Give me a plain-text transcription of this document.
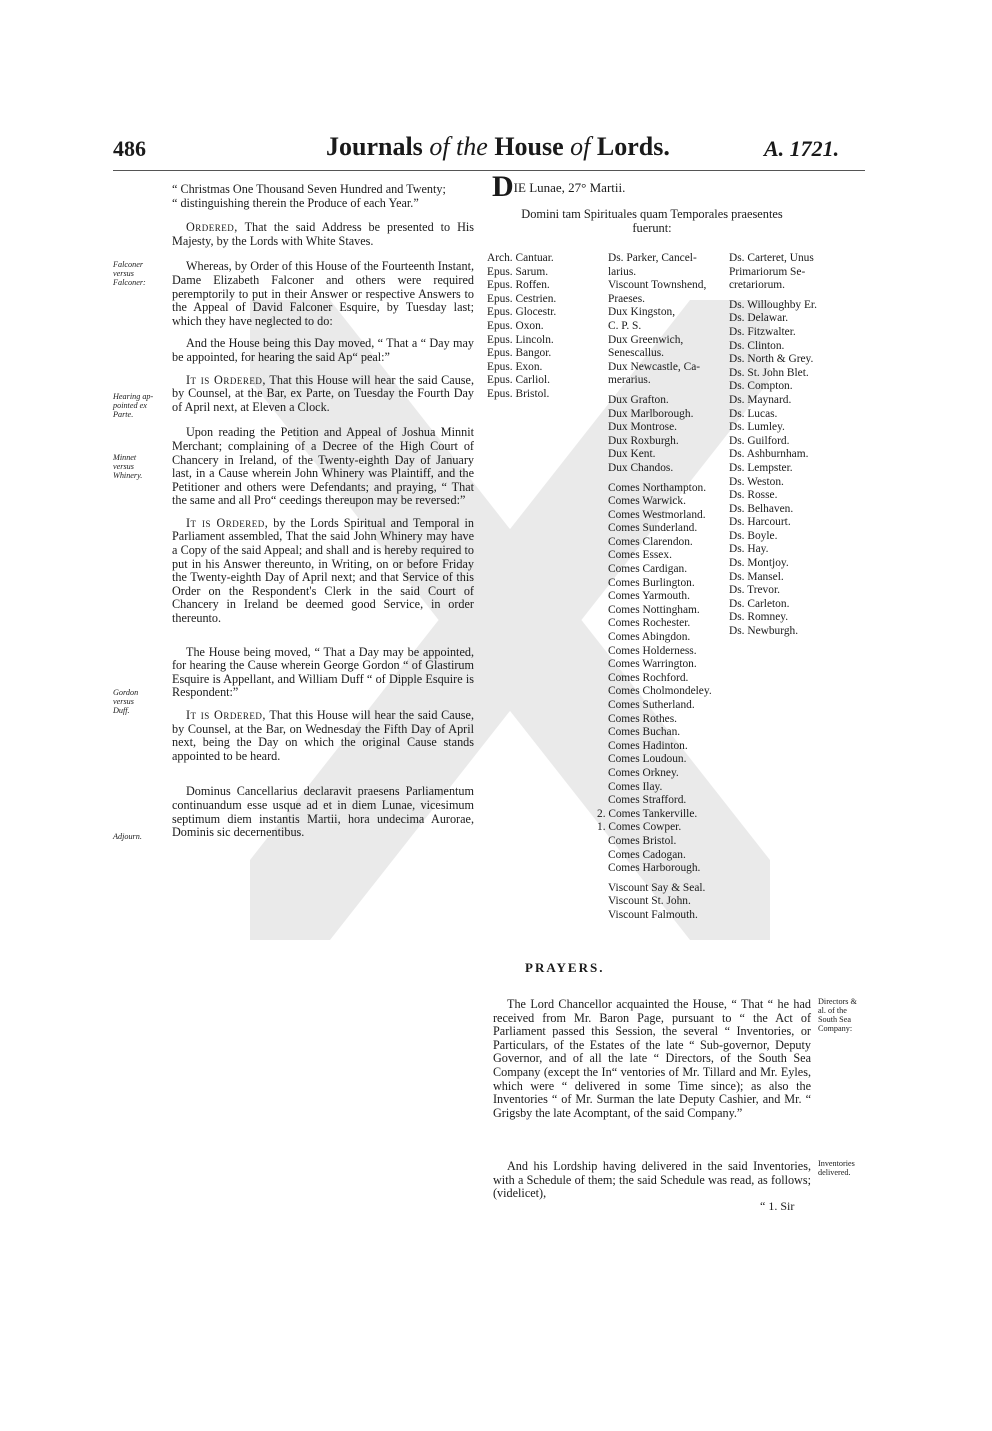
486	Journals of the House of Lords.	A. 1721.
“ Christmas One Thousand Seven Hundred and Twenty;
“ distinguishing therein the Produce of each Year.”

Ordered, That the said Address be presented to His Majesty, by the Lords with White Staves.

Whereas, by Order of this House of the Fourteenth Instant, Dame Elizabeth Falconer and others were required peremptorily to put in their Answer or respective Answers to the Appeal of David Falconer Esquire, by Tuesday last; which they have neglected to do:

And the House being this Day moved, “ That a “ Day may be appointed, for hearing the said Ap“ peal:”

It is Ordered, That this House will hear the said Cause, by Counsel, at the Bar, ex Parte, on Tuesday the Fourth Day of April next, at Eleven a Clock.

Upon reading the Petition and Appeal of Joshua Minnit Merchant; complaining of a Decree of the High Court of Chancery in Ireland, of the Twenty-eighth Day of January last, in a Cause wherein John Whinery was Plaintiff, and the Petitioner and others were Defendants; and praying, “ That the same and all Pro“ ceedings thereupon may be reversed:”

It is Ordered, by the Lords Spiritual and Temporal in Parliament assembled, That the said John Whinery may have a Copy of the said Appeal; and shall and is hereby required to put in his Answer thereunto, in Writing, on or before Friday the Twenty-eighth Day of April next; and that Service of this Order on the Respondent's Clerk in the said Court of Chancery in Ireland be deemed good Service, in order thereunto.

The House being moved, “ That a Day may be appointed, for hearing the Cause wherein George Gordon “ of Glastirum Esquire is Appellant, and William Duff “ of Dipple Esquire is Respondent:”

It is Ordered, That this House will hear the said Cause, by Counsel, at the Bar, on Wednesday the Fifth Day of April next, being the Day on which the original Cause stands appointed to be heard.

Dominus Cancellarius declaravit praesens Parliamentum continuandum esse usque ad et in diem Lunae, vicesimum septimum diem instantis Martii, hora undecima Aurorae, Dominis sic decernentibus.

Falconer
versus
Falconer:
Hearing ap-
pointed ex
Parte.
Minnet
versus
Whinery.
Gordon
versus
Duff.
Adjourn.
DIE Lunae, 27° Martii.
Domini tam Spirituales quam Temporales praesentes
fuerunt:
Arch. Cantuar.
Epus. Sarum.
Epus. Roffen.
Epus. Cestrien.
Epus. Glocestr.
Epus. Oxon.
Epus. Lincoln.
Epus. Bangor.
Epus. Exon.
Epus. Carliol.
Epus. Bristol.
Ds. Parker, Cancel-
larius.
Viscount Townshend,
Praeses.
Dux Kingston,
C. P. S.
Dux Greenwich,
Senescallus.
Dux Newcastle, Ca-
merarius.
Dux Grafton.
Dux Marlborough.
Dux Montrose.
Dux Roxburgh.
Dux Kent.
Dux Chandos.
Comes Northampton.
Comes Warwick.
Comes Westmorland.
Comes Sunderland.
Comes Clarendon.
Comes Essex.
Comes Cardigan.
Comes Burlington.
Comes Yarmouth.
Comes Nottingham.
Comes Rochester.
Comes Abingdon.
Comes Holderness.
Comes Warrington.
Comes Rochford.
Comes Cholmondeley.
Comes Sutherland.
Comes Rothes.
Comes Buchan.
Comes Hadinton.
Comes Loudoun.
Comes Orkney.
Comes Ilay.
Comes Strafford.
2. Comes Tankerville.
1. Comes Cowper.
Comes Bristol.
Comes Cadogan.
Comes Harborough.
Viscount Say & Seal.
Viscount St. John.
Viscount Falmouth.
Ds. Carteret, Unus
Primariorum Se-
cretariorum.
Ds. Willoughby Er.
Ds. Delawar.
Ds. Fitzwalter.
Ds. Clinton.
Ds. North & Grey.
Ds. St. John Blet.
Ds. Compton.
Ds. Maynard.
Ds. Lucas.
Ds. Lumley.
Ds. Guilford.
Ds. Ashburnham.
Ds. Lempster.
Ds. Weston.
Ds. Rosse.
Ds. Belhaven.
Ds. Harcourt.
Ds. Boyle.
Ds. Hay.
Ds. Montjoy.
Ds. Mansel.
Ds. Trevor.
Ds. Carleton.
Ds. Romney.
Ds. Newburgh.
PRAYERS.

The Lord Chancellor acquainted the House, “ That “ he had received from Mr. Baron Page, pursuant to “ the Act of Parliament passed this Session, the several “ Inventories, or Particulars, of the Estates of the late “ Sub-governor, Deputy Governor, and of all the late “ Directors, of the South Sea Company (except the In“ ventories of Mr. Tillard and Mr. Eyles, which were “ delivered in some Time since); as also the Inventories “ of Mr. Surman the late Deputy Cashier, and Mr. “ Grigsby the late Acomptant, of the said Company.”

And his Lordship having delivered in the said Inventories, with a Schedule of them; the said Schedule was read, as follows; (videlicet),

Directors &
al. of the
South Sea
Company:
Inventories
delivered.
“ 1. Sir
